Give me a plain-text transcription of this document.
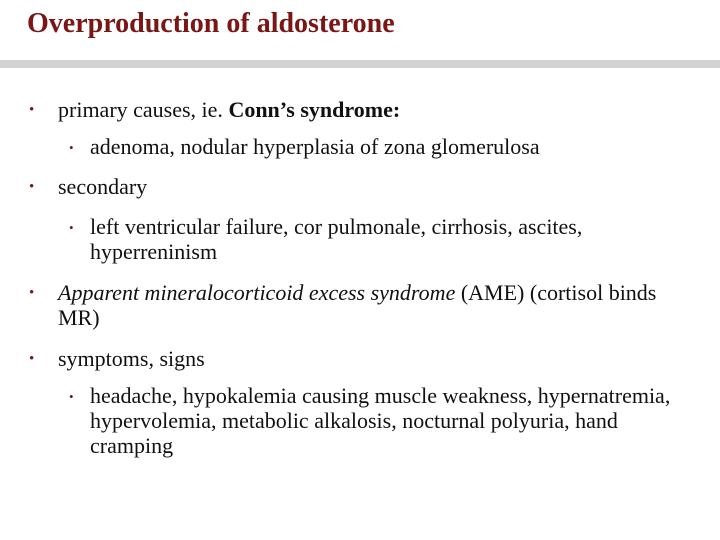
Overproduction of aldosterone
• primary causes, ie. Conn’s syndrome:
• adenoma, nodular hyperplasia of zona glomerulosa
• secondary
• left ventricular failure, cor pulmonale, cirrhosis, ascites, hyperreninism
• Apparent mineralocorticoid excess syndrome (AME) (cortisol binds MR)
• symptoms, signs
• headache, hypokalemia causing muscle weakness, hypernatremia, hypervolemia, metabolic alkalosis, nocturnal polyuria, hand cramping
